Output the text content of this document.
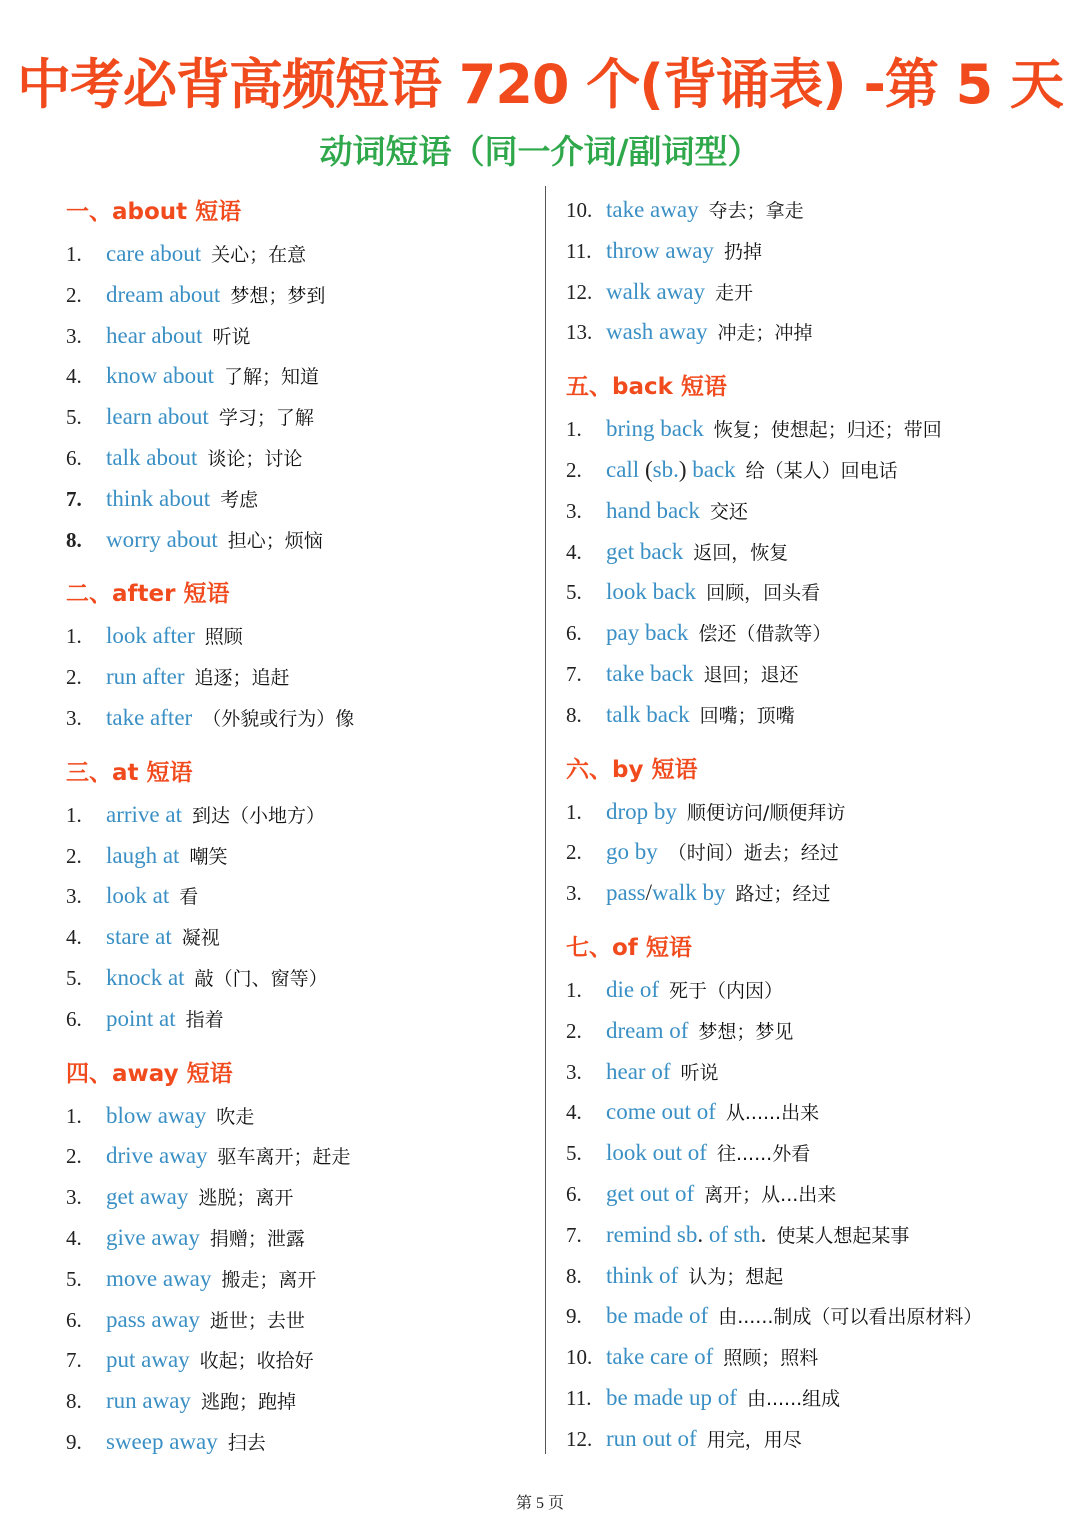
中考必背高频短语 720 个(背诵表) -第 5 天
动词短语（同一介词/副词型）
一、about 短语
1. care about 关心；在意
2. dream about 梦想；梦到
3. hear about 听说
4. know about 了解；知道
5. learn about 学习；了解
6. talk about 谈论；讨论
7. think about 考虑
8. worry about 担心；烦恼
二、after 短语
1. look after 照顾
2. run after 追逐；追赶
3. take after （外貌或行为）像
三、at 短语
1. arrive at 到达（小地方）
2. laugh at 嘲笑
3. look at 看
4. stare at 凝视
5. knock at 敲（门、窗等）
6. point at 指着
四、away 短语
1. blow away 吹走
2. drive away 驱车离开；赶走
3. get away 逃脱；离开
4. give away 捐赠；泄露
5. move away 搬走；离开
6. pass away 逝世；去世
7. put away 收起；收拾好
8. run away 逃跑；跑掉
9. sweep away 扫去
10. take away 夺去；拿走
11. throw away 扔掉
12. walk away 走开
13. wash away 冲走；冲掉
五、back 短语
1. bring back 恢复；使想起；归还；带回
2. call (sb.) back 给（某人）回电话
3. hand back 交还
4. get back 返回，恢复
5. look back 回顾，回头看
6. pay back 偿还（借款等）
7. take back 退回；退还
8. talk back 回嘴；顶嘴
六、by 短语
1. drop by 顺便访问/顺便拜访
2. go by （时间）逝去；经过
3. pass/walk by 路过；经过
七、of 短语
1. die of 死于（内因）
2. dream of 梦想；梦见
3. hear of 听说
4. come out of 从......出来
5. look out of 往......外看
6. get out of 离开；从...出来
7. remind sb. of sth. 使某人想起某事
8. think of 认为；想起
9. be made of 由......制成（可以看出原材料）
10. take care of 照顾；照料
11. be made up of 由......组成
12. run out of 用完，用尽
第 5 页
